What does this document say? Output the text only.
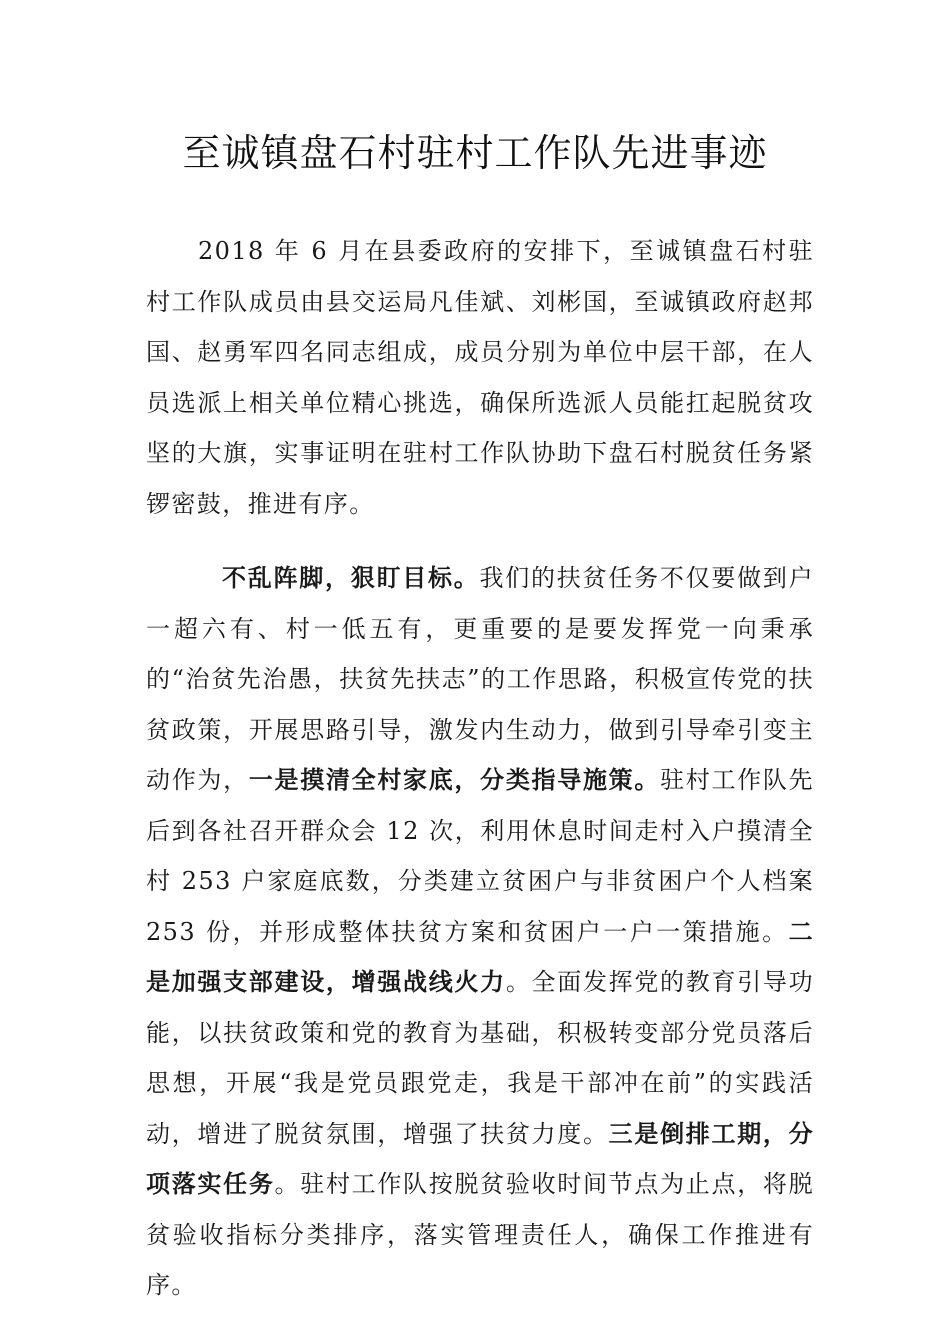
至诚镇盘石村驻村工作队先进事迹

2018 年 6 月在县委政府的安排下，至诚镇盘石村驻村工作队成员由县交运局凡佳斌、刘彬国，至诚镇政府赵邦国、赵勇军四名同志组成，成员分别为单位中层干部，在人员选派上相关单位精心挑选，确保所选派人员能扛起脱贫攻坚的大旗，实事证明在驻村工作队协助下盘石村脱贫任务紧锣密鼓，推进有序。

不乱阵脚，狠盯目标。我们的扶贫任务不仅要做到户一超六有、村一低五有，更重要的是要发挥党一向秉承的“治贫先治愚，扶贫先扶志”的工作思路，积极宣传党的扶贫政策，开展思路引导，激发内生动力，做到引导牵引变主动作为，一是摸清全村家底，分类指导施策。驻村工作队先后到各社召开群众会 12 次，利用休息时间走村入户摸清全村 253 户家庭底数，分类建立贫困户与非贫困户个人档案 253 份，并形成整体扶贫方案和贫困户一户一策措施。二是加强支部建设，增强战线火力。全面发挥党的教育引导功能，以扶贫政策和党的教育为基础，积极转变部分党员落后思想，开展“我是党员跟党走，我是干部冲在前”的实践活动，增进了脱贫氛围，增强了扶贫力度。三是倒排工期，分项落实任务。驻村工作队按脱贫验收时间节点为止点，将脱贫验收指标分类排序，落实管理责任人，确保工作推进有序。
